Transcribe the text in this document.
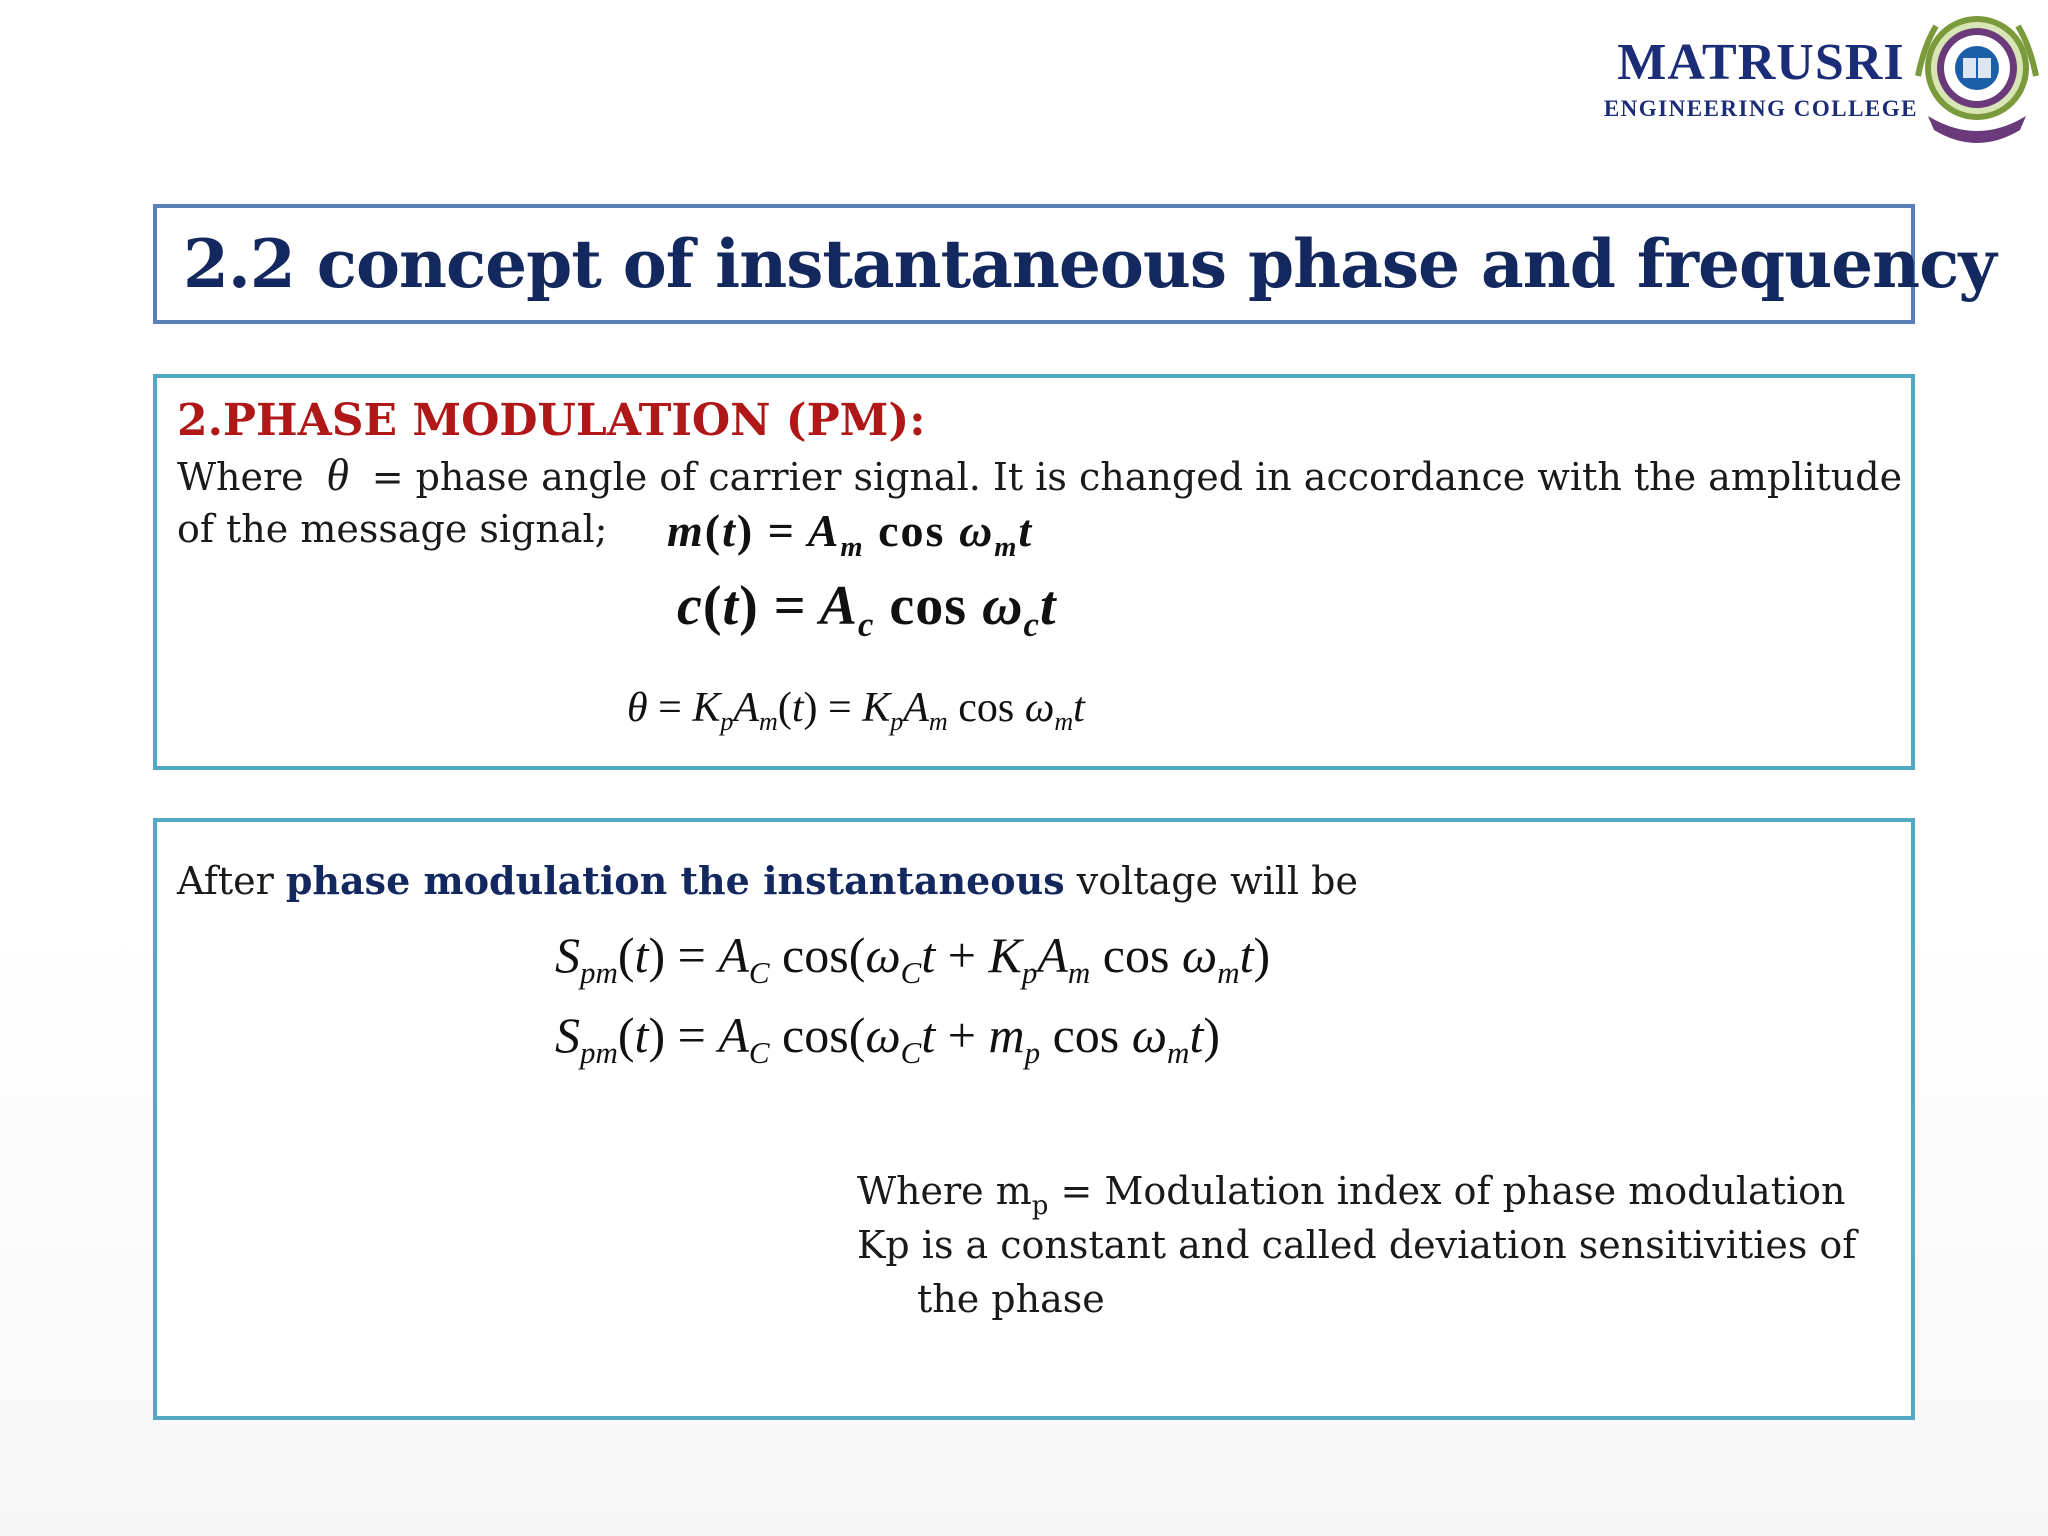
MATRUSRI
ENGINEERING COLLEGE
2.2 concept of instantaneous phase and frequency
2.PHASE MODULATION (PM):
Where θ = phase angle of carrier signal. It is changed in accordance with the amplitude
of the message signal; $m(t) = A_m$ $\cos \omega_mt$
$c(t) = A_c$ $\cos \omega_ct$
$\theta = K_pA_m(t) = K_pA_m$ $\cos \omega_mt$
After phase modulation the instantaneous voltage will be
$S_{pm}(t) = A_C$ $\cos(\omega_Ct + K_pA_m$ $\cos \omega_mt$)
$S_{pm}(t) = A_C$ $\cos(\omega_Ct + m_p$ $\cos \omega_mt$)
Where $m_p$ = Modulation index of phase modulation
Kp is a constant and called deviation sensitivities of
the phase
